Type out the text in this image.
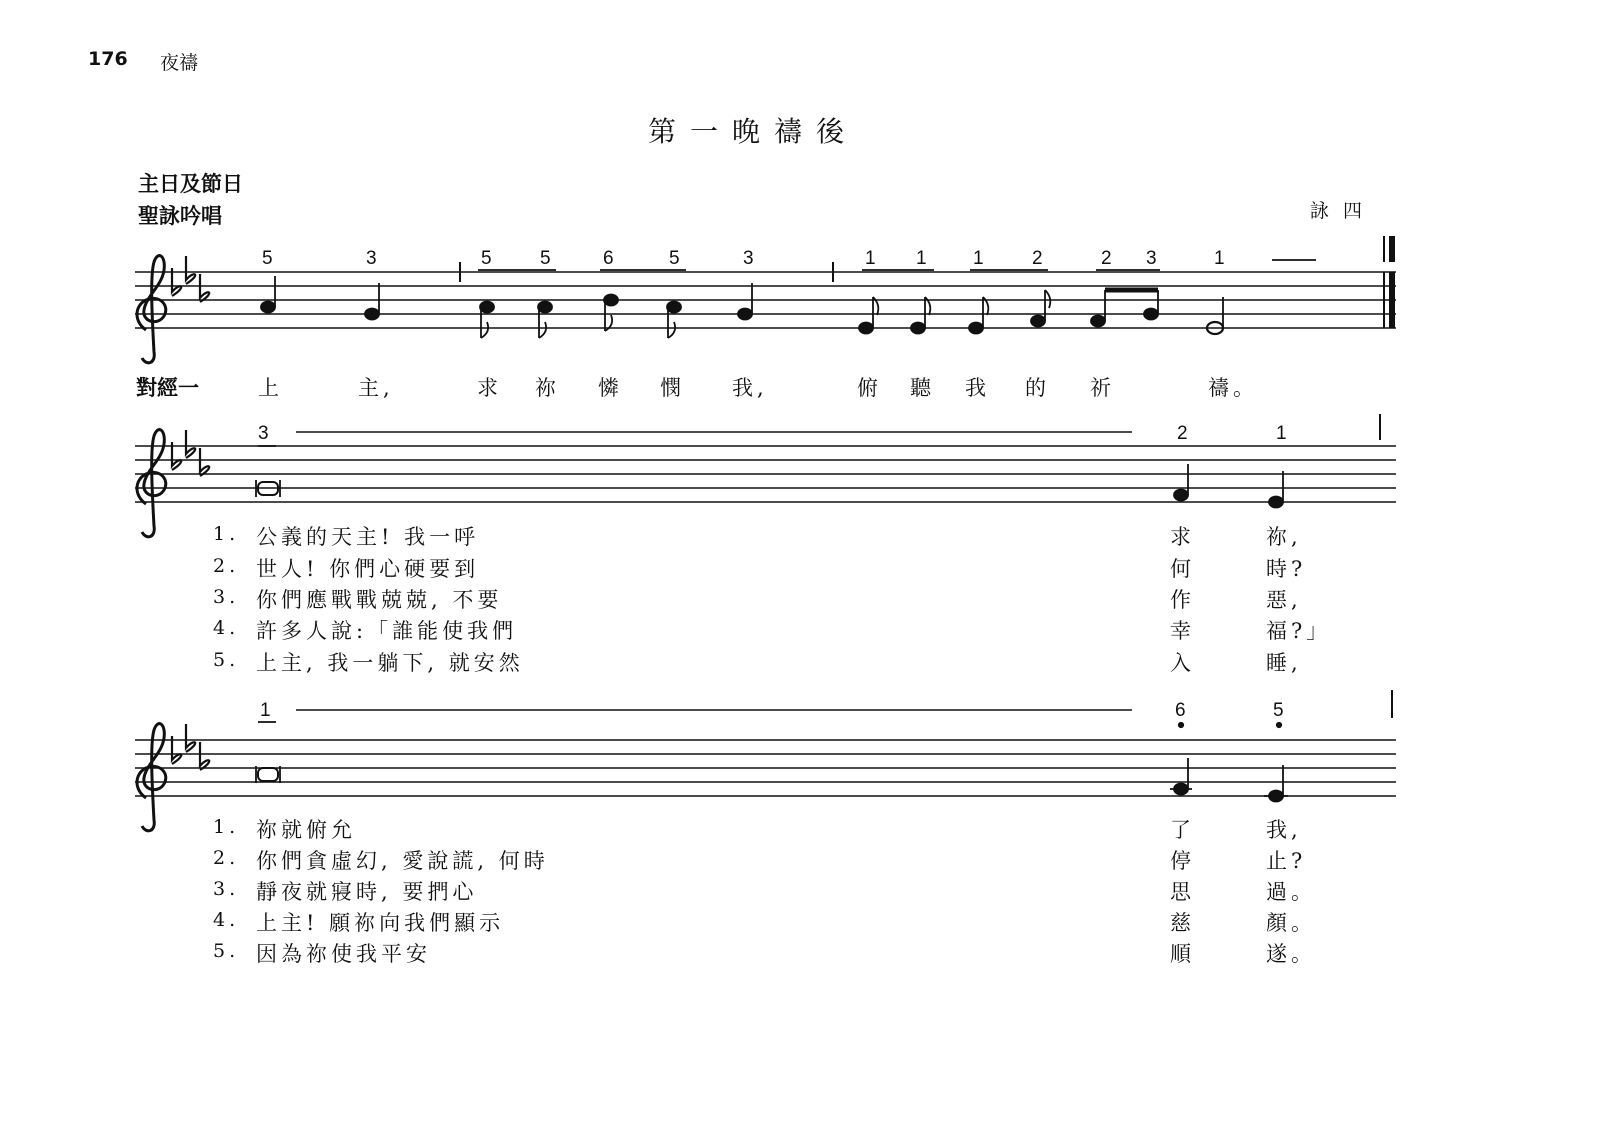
176 夜禱
第一晚禱後
主日及節日
聖詠吟唱	詠四
5	3	5	5	6	5	3	1 1 1	2	2 3	1
對經一	上	主,	求 祢 憐 憫 我,	俯 聽 我 的 祈	禱。
3	2	1
1. 公義的天主! 我一呼	求	祢,
2. 世人! 你們心硬要到	何	時?
3. 你們應戰戰兢兢, 不要	作	惡,
4. 許多人說:「誰能使我們	幸	福?」
5. 上主, 我一躺下, 就安然	入	睡,
1	6	5
1. 祢就俯允	了	我,
2. 你們貪虛幻, 愛說謊, 何時	停	止?
3. 靜夜就寢時, 要捫心	思	過。
4. 上主! 願祢向我們顯示	慈	顏。
5. 因為祢使我平安	順	遂。
